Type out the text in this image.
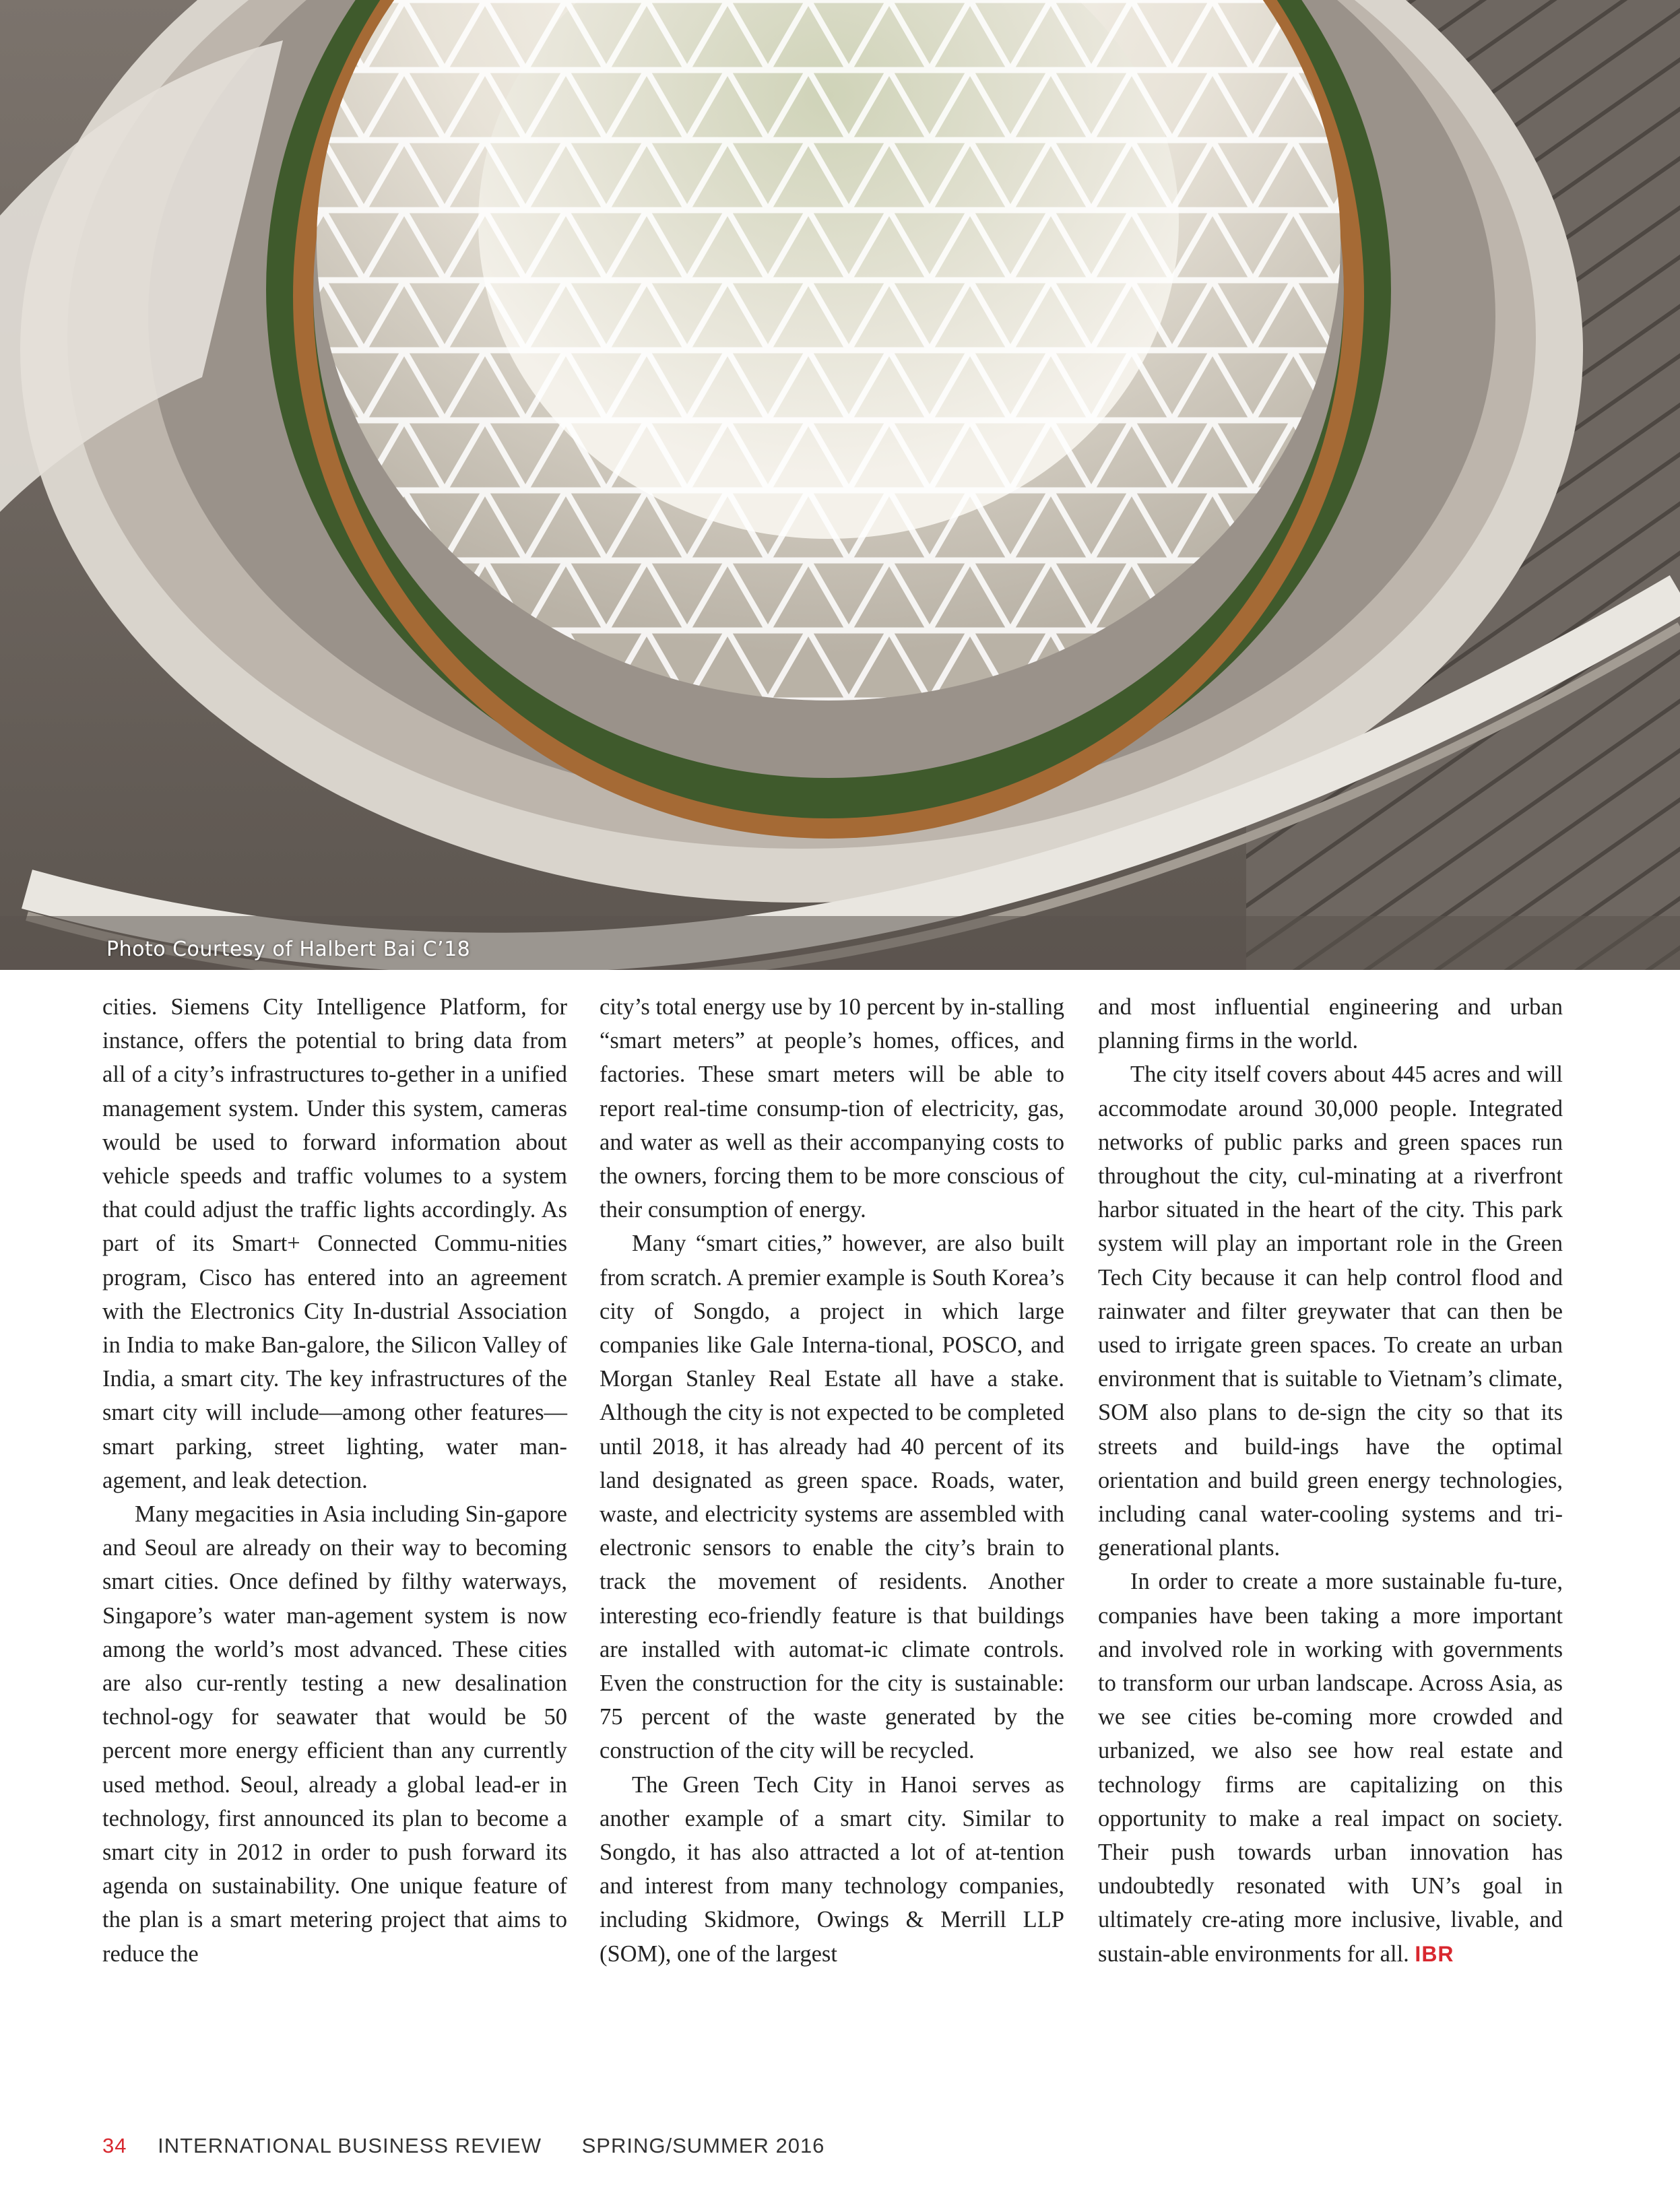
Photo Courtesy of Halbert Bai C’18

cities. Siemens City Intelligence Platform, for instance, offers the potential to bring data from all of a city’s infrastructures to-gether in a unified management system. Under this system, cameras would be used to forward information about vehicle speeds and traffic volumes to a system that could adjust the traffic lights accordingly. As part of its Smart+ Connected Commu-nities program, Cisco has entered into an agreement with the Electronics City In-dustrial Association in India to make Ban-galore, the Silicon Valley of India, a smart city. The key infrastructures of the smart city will include—among other features—smart parking, street lighting, water man-agement, and leak detection.

Many megacities in Asia including Sin-gapore and Seoul are already on their way to becoming smart cities. Once defined by filthy waterways, Singapore’s water man-agement system is now among the world’s most advanced. These cities are also cur-rently testing a new desalination technol-ogy for seawater that would be 50 percent more energy efficient than any currently used method. Seoul, already a global lead-er in technology, first announced its plan to become a smart city in 2012 in order to push forward its agenda on sustainability. One unique feature of the plan is a smart metering project that aims to reduce the

city’s total energy use by 10 percent by in-stalling “smart meters” at people’s homes, offices, and factories. These smart meters will be able to report real-time consump-tion of electricity, gas, and water as well as their accompanying costs to the owners, forcing them to be more conscious of their consumption of energy.

Many “smart cities,” however, are also built from scratch. A premier example is South Korea’s city of Songdo, a project in which large companies like Gale Interna-tional, POSCO, and Morgan Stanley Real Estate all have a stake. Although the city is not expected to be completed until 2018, it has already had 40 percent of its land designated as green space. Roads, water, waste, and electricity systems are assembled with electronic sensors to enable the city’s brain to track the movement of residents. Another interesting eco-friendly feature is that buildings are installed with automat-ic climate controls. Even the construction for the city is sustainable: 75 percent of the waste generated by the construction of the city will be recycled.

The Green Tech City in Hanoi serves as another example of a smart city. Similar to Songdo, it has also attracted a lot of at-tention and interest from many technology companies, including Skidmore, Owings & Merrill LLP (SOM), one of the largest

and most influential engineering and urban planning firms in the world.

The city itself covers about 445 acres and will accommodate around 30,000 people. Integrated networks of public parks and green spaces run throughout the city, cul-minating at a riverfront harbor situated in the heart of the city. This park system will play an important role in the Green Tech City because it can help control flood and rainwater and filter greywater that can then be used to irrigate green spaces. To create an urban environment that is suitable to Vietnam’s climate, SOM also plans to de-sign the city so that its streets and build-ings have the optimal orientation and build green energy technologies, including canal water-cooling systems and tri-generational plants.

In order to create a more sustainable fu-ture, companies have been taking a more important and involved role in working with governments to transform our urban landscape. Across Asia, as we see cities be-coming more crowded and urbanized, we also see how real estate and technology firms are capitalizing on this opportunity to make a real impact on society. Their push towards urban innovation has undoubtedly resonated with UN’s goal in ultimately cre-ating more inclusive, livable, and sustain-able environments for all. IBR

34 INTERNATIONAL BUSINESS REVIEW SPRING/SUMMER 2016
